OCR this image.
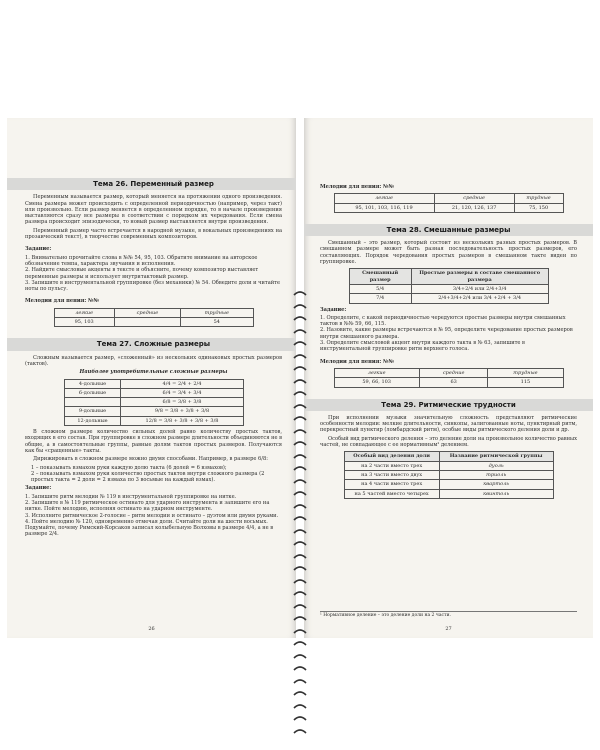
Тема 26. Переменный размер

Переменным называется размер, который меняется на протяжении одного произведения. Смена размера может происходить с определенной периодичностью (например, через такт) или произвольно. Если размер меняется в определенном порядке, то в начале произведения выставляются сразу все размеры в соответствии с порядком их чередования. Если смена размера происходит эпизодически, то новый размер выставляется внутри произведения.

Переменный размер часто встречается в народной музыке, в вокальных произведениях на прозаический текст), в творчестве современных композиторов.

Задание:
1. Внимательно прочитайте слова в №№ 54, 95, 103. Обратите внимание на авторское обозначение темпа, характера звучания и исполнения.
2. Найдите смысловые акценты в тексте и объясните, почему композитор выставляет переменные размеры и использует внутритактовый размер.
3. Запишите в инструментальной группировке (без механики) № 54. Обведите доли и читайте ноты по пульсу.
Мелодии для пения: №№
легкие	средние	трудные
95, 103		54
Тема 27. Сложные размеры

Сложным называется размер, «сложенный» из нескольких одинаковых простых размеров (тактов).

Наиболее употребительные сложные размеры
4-дольные	4/4 = 2/4 + 2/4
6-дольные	6/4 = 3/4 + 3/4
	6/8 = 3/8 + 3/8
9-дольные	9/8 = 3/8 + 3/8 + 3/8
12-дольные	12/8 = 3/8 + 3/8 + 3/8 + 3/8

В сложном размере количество сильных долей равно количеству простых тактов, входящих в его состав. При группировке в сложном размере длительности объединяются не в общие, а в самостоятельные группы, равные долям тактов простых размеров. Получаются как бы «сращенные» такты.

Дирижировать в сложном размере можно двумя способами. Например, в размере 6/8:

1 – показывать взмахом руки каждую долю такта (6 долей = 6 взмахов);
2 – показывать взмахом руки количество простых тактов внутри сложного размера (2 простых такта = 2 доли = 2 взмаха по 3 восьмые на каждый взмах).
Задание:
1. Запишите ритм мелодии № 119 в инструментальной группировке на нитке.
2. Запишите в № 119 ритмическое остинато для ударного инструмента и запишите его на нитке. Пойте мелодию, исполняя остинато на ударном инструменте.
3. Исполните ритмическое 2-голосие – ритм мелодии и остинато – дуэтом или двумя руками.
4. Пойте мелодию № 120, одновременно отмечая доли. Считайте доли на шести восьмых. Подумайте, почему Римский-Корсаков записал колыбельную Волховы в размере 4/4, а не в размере 2/4.
26
Мелодии для пения: №№
легкие	средние	трудные
95, 101, 103, 116, 119	21, 120, 126, 137	75, 150
Тема 28. Смешанные размеры

Смешанный – это размер, который состоит из нескольких разных простых размеров. В смешанном размере может быть разная последовательность простых размеров, его составляющих. Порядок чередования простых размеров в смешанном такте виден по группировке.

Смешанный размер	Простые размеры в составе смешанного размера
5/4	3/4+2/4 или 2/4+3/4
7/4	2/4+3/4+2/4 или 3/4 +2/4 + 3/4
Задание:
1. Определите, с какой периодичностью чередуются простые размеры внутри смешанных тактов в №№ 59, 66, 115.
2. Назовите, какие размеры встречаются в № 95, определите чередование простых размеров внутри смешанного размера.
3. Определите смысловой акцент внутри каждого такта в № 63, запишите в инструментальной группировке ритм верхнего голоса.
Мелодии для пения: №№
легкие	средние	трудные
59, 66, 103	63	115
Тема 29. Ритмические трудности

При исполнении музыки значительную сложность представляют ритмические особенности мелодии: мелкие длительности, синкопы, залигованные ноты, пунктирный ритм, перекрестный пунктир (ломбардский ритм), особые виды ритмического деления доли и др.

Особый вид ритмического деления – это деление доли на произвольное количество равных частей, не совпадающее с ее нормативным¹ делением.

Особый вид деления доли	Название ритмической группы
на 2 части вместо трех	дуоль
на 3 части вместо двух	триоль
на 4 части вместо трех	квартоль
на 5 частей вместо четырех	квинтоль
¹ Нормативное деление – это деление доли на 2 части.
27
